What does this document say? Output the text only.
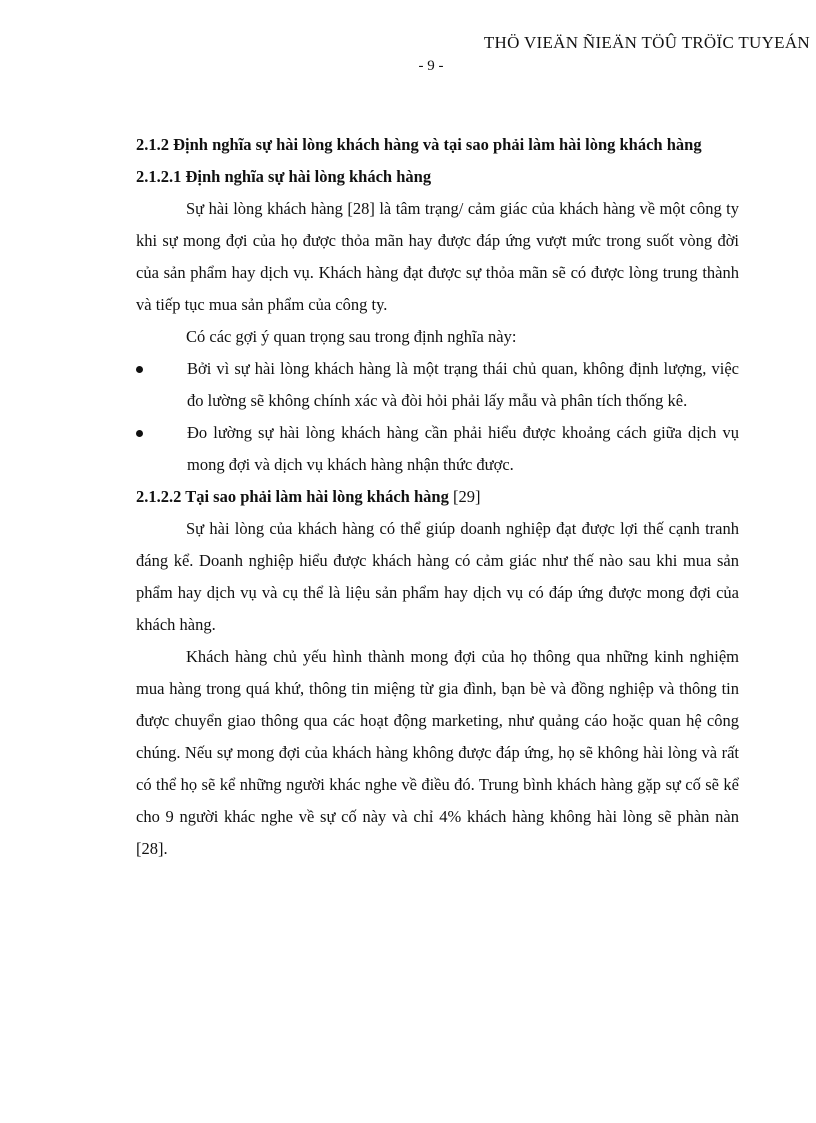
THÖ VIEÄN ÑIEÄN TÖÛ TRÖÏC TUYEÁN
- 9 -

2.1.2 Định nghĩa sự hài lòng khách hàng và tại sao phải làm hài lòng khách hàng

2.1.2.1 Định nghĩa sự hài lòng khách hàng

Sự hài lòng khách hàng [28] là tâm trạng/ cảm giác của khách hàng về một công ty khi sự mong đợi của họ được thỏa mãn hay được đáp ứng vượt mức trong suốt vòng đời của sản phẩm hay dịch vụ. Khách hàng đạt được sự thỏa mãn sẽ có được lòng trung thành và tiếp tục mua sản phẩm của công ty.

Có các gợi ý quan trọng sau trong định nghĩa này:

Bởi vì sự hài lòng khách hàng là một trạng thái chủ quan, không định lượng, việc đo lường sẽ không chính xác và đòi hỏi phải lấy mẫu và phân tích thống kê.
Đo lường sự hài lòng khách hàng cần phải hiểu được khoảng cách giữa dịch vụ mong đợi và dịch vụ khách hàng nhận thức được.

2.1.2.2 Tại sao phải làm hài lòng khách hàng [29]

Sự hài lòng của khách hàng có thể giúp doanh nghiệp đạt được lợi thế cạnh tranh đáng kể. Doanh nghiệp hiểu được khách hàng có cảm giác như thế nào sau khi mua sản phẩm hay dịch vụ và cụ thể là liệu sản phẩm hay dịch vụ có đáp ứng được mong đợi của khách hàng.

Khách hàng chủ yếu hình thành mong đợi của họ thông qua những kinh nghiệm mua hàng trong quá khứ, thông tin miệng từ gia đình, bạn bè và đồng nghiệp và thông tin được chuyển giao thông qua các hoạt động marketing, như quảng cáo hoặc quan hệ công chúng. Nếu sự mong đợi của khách hàng không được đáp ứng, họ sẽ không hài lòng và rất có thể họ sẽ kể những người khác nghe về điều đó. Trung bình khách hàng gặp sự cố sẽ kể cho 9 người khác nghe về sự cố này và chỉ 4% khách hàng không hài lòng sẽ phàn nàn [28].
